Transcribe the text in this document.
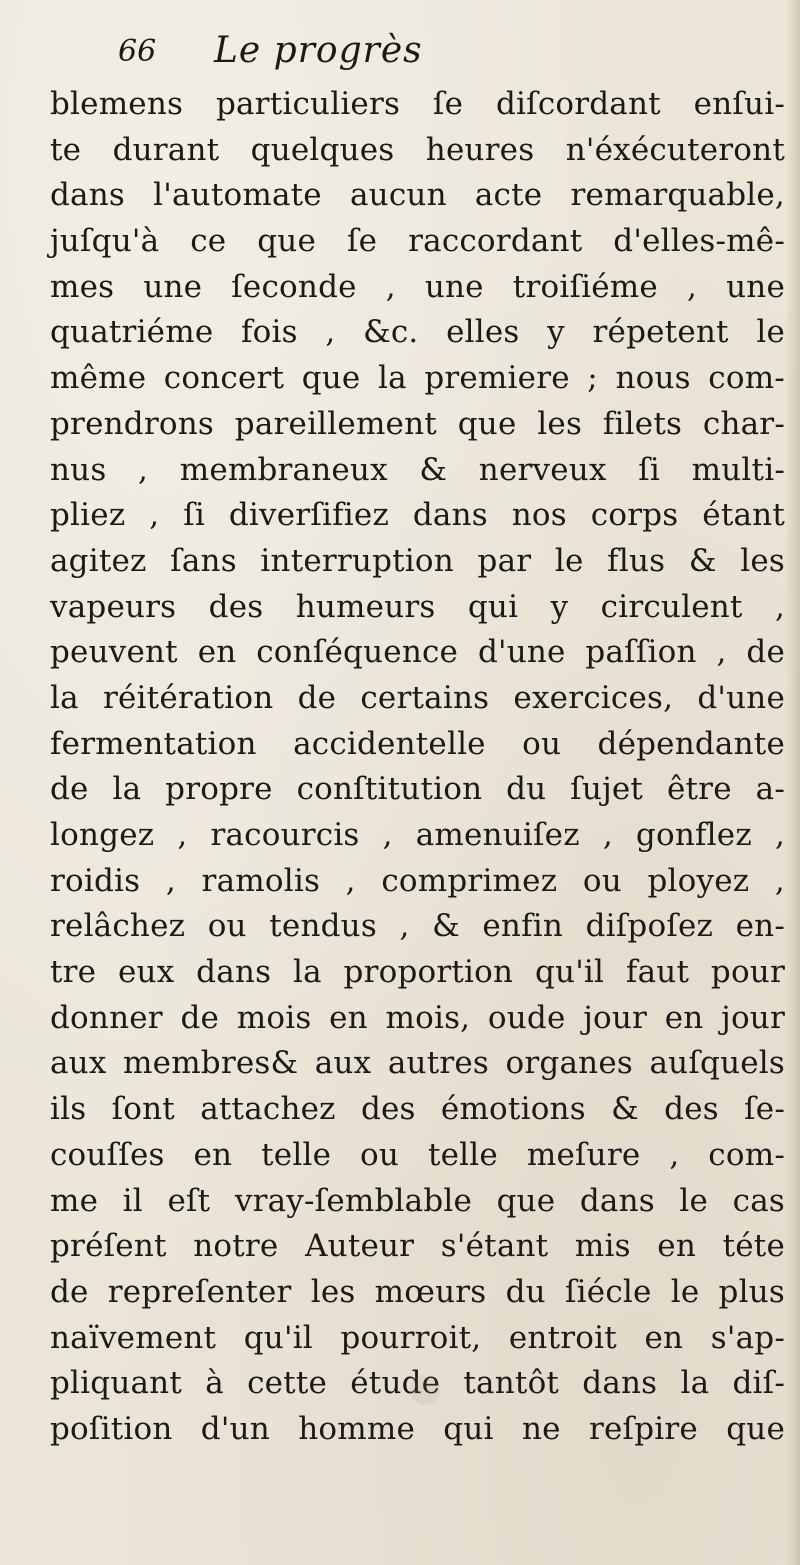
66 Le progrès
blemens particuliers ſe diſcordant enſui-
te durant quelques heures n'éxécuteront
dans l'automate aucun acte remarquable,
juſqu'à ce que ſe raccordant d'elles-mê-
mes une ſeconde , une troiſiéme , une
quatriéme fois , &c. elles y répetent le
même concert que la premiere ; nous com-
prendrons pareillement que les filets char-
nus , membraneux & nerveux ſi multi-
pliez , ſi diverſifiez dans nos corps étant
agitez ſans interruption par le flus & les
vapeurs des humeurs qui y circulent ,
peuvent en conſéquence d'une paſſion , de
la réitération de certains exercices, d'une
fermentation accidentelle ou dépendante
de la propre conſtitution du ſujet être a-
longez , racourcis , amenuiſez , gonflez ,
roidis , ramolis , comprimez ou ployez ,
relâchez ou tendus , & enfin diſpoſez en-
tre eux dans la proportion qu'il faut pour
donner de mois en mois, oude jour en jour
aux membres& aux autres organes auſquels
ils ſont attachez des émotions & des ſe-
couſſes en telle ou telle meſure , com-
me il eſt vray-ſemblable que dans le cas
préſent notre Auteur s'étant mis en téte
de repreſenter les mœurs du ſiécle le plus
naïvement qu'il pourroit, entroit en s'ap-
pliquant à cette étude tantôt dans la diſ-
poſition d'un homme qui ne reſpire que
